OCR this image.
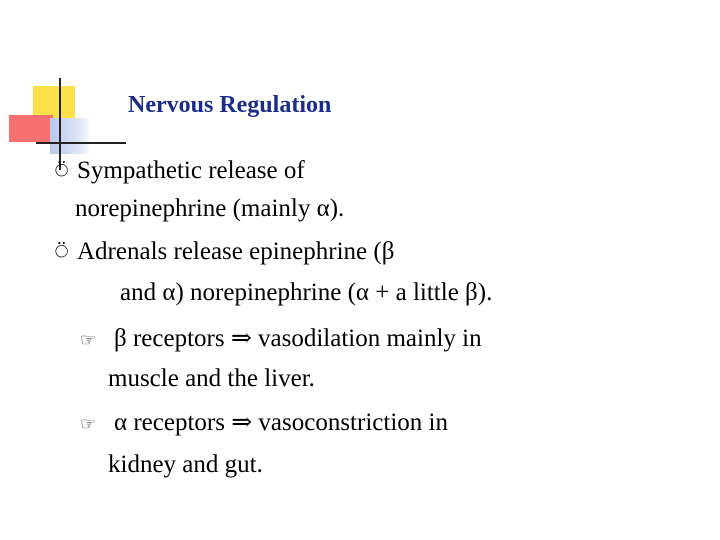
Nervous Regulation
⍥ Sympathetic release of
norepinephrine (mainly α).
⍥ Adrenals release epinephrine (β
and α) norepinephrine (α + a little β).
☞ β receptors ⇒ vasodilation mainly in
muscle and the liver.
☞ α receptors ⇒ vasoconstriction in
kidney and gut.
